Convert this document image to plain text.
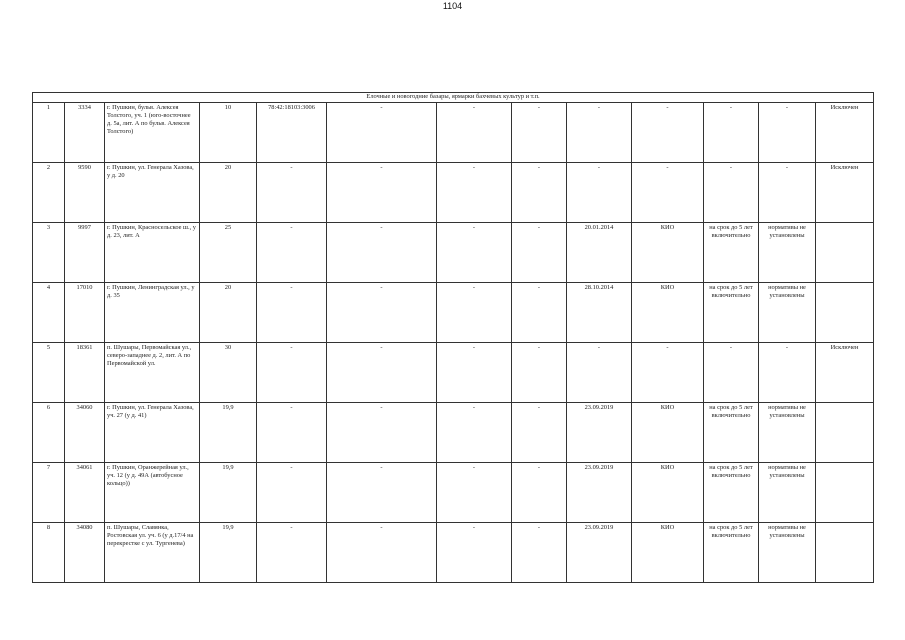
1104
Елочные и новогодние базары, ярмарки бахчевых культур и т.п.												
1	3334	г. Пушкин, бульв. Алексея Толстого, уч. 1 (юго-восточнее д. 5а, лит. А по бульв. Алексея Толстого)	10	78:42:18103:3006	-	-	-	-	-	-	-	Исключен
2	9590	г. Пушкин, ул. Генерала Хазова, у д. 20	20	-	-	-	-	-	-	-	-	Исключен
3	9997	г. Пушкин, Красносельское ш., у д. 23, лит. А	25	-	-	-	-	20.01.2014	КИО	на срок до 5 лет включительно	нормативы не установлены	
4	17010	г. Пушкин, Ленинградская ул., у д. 35	20	-	-	-	-	28.10.2014	КИО	на срок до 5 лет включительно	нормативы не установлены	
5	18361	п. Шушары, Первомайская ул., северо-западнее д. 2, лит. А по Первомайской ул.	30	-	-	-	-	-	-	-	-	Исключен
6	34060	г. Пушкин, ул. Генерала Хазова, уч. 27 (у д. 41)	19,9	-	-	-	-	23.09.2019	КИО	на срок до 5 лет включительно	нормативы не установлены	
7	34061	г. Пушкин, Оранжерейная ул., уч. 12 (у д. 49А (автобусное кольцо))	19,9	-	-	-	-	23.09.2019	КИО	на срок до 5 лет включительно	нормативы не установлены	
8	34080	п. Шушары, Славянка, Ростовская ул. уч. 6 (у д.17/4 на перекрестке с ул. Тургенева)	19,9	-	-	-	-	23.09.2019	КИО	на срок до 5 лет включительно	нормативы не установлены	
